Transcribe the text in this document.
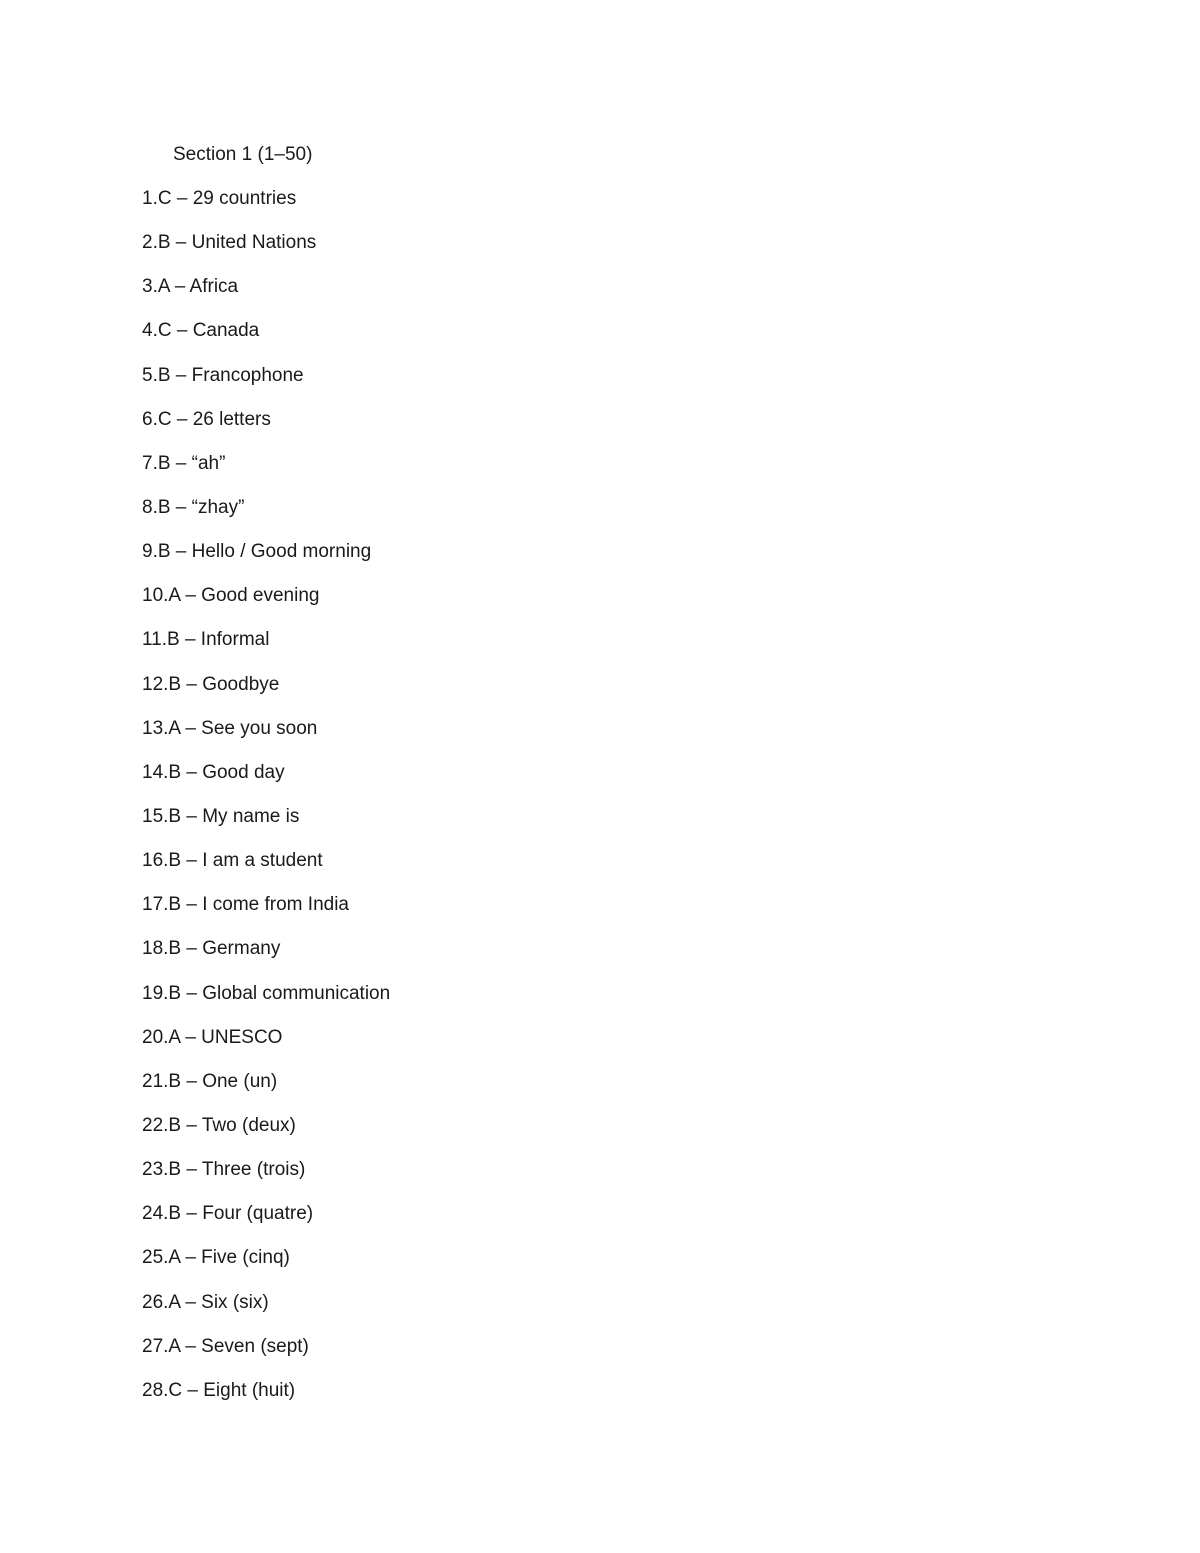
Section 1 (1–50)
1.C – 29 countries
2.B – United Nations
3.A – Africa
4.C – Canada
5.B – Francophone
6.C – 26 letters
7.B – “ah”
8.B – “zhay”
9.B – Hello / Good morning
10.A – Good evening
11.B – Informal
12.B – Goodbye
13.A – See you soon
14.B – Good day
15.B – My name is
16.B – I am a student
17.B – I come from India
18.B – Germany
19.B – Global communication
20.A – UNESCO
21.B – One (un)
22.B – Two (deux)
23.B – Three (trois)
24.B – Four (quatre)
25.A – Five (cinq)
26.A – Six (six)
27.A – Seven (sept)
28.C – Eight (huit)
